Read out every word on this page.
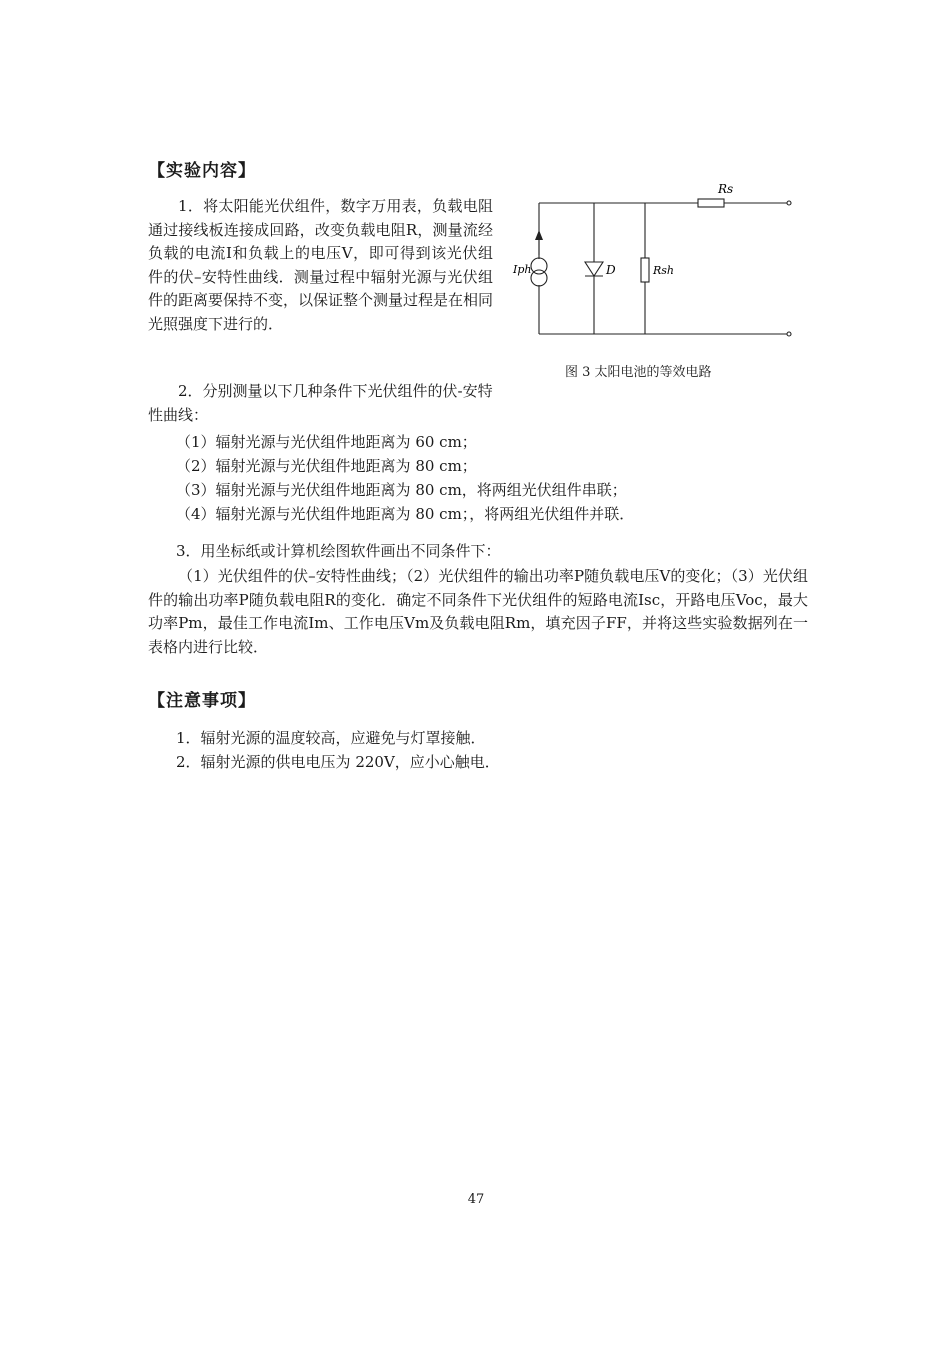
【实验内容】

1．将太阳能光伏组件，数字万用表，负载电阻通过接线板连接成回路，改变负载电阻R，测量流经负载的电流I和负载上的电压V，即可得到该光伏组件的伏–安特性曲线．测量过程中辐射光源与光伏组件的距离要保持不变，以保证整个测量过程是在相同光照强度下进行的．

2．分别测量以下几种条件下光伏组件的伏-安特性曲线：

（1）辐射光源与光伏组件地距离为 60 cm；
（2）辐射光源与光伏组件地距离为 80 cm；
（3）辐射光源与光伏组件地距离为 80 cm，将两组光伏组件串联；
（4）辐射光源与光伏组件地距离为 80 cm；，将两组光伏组件并联．

3．用坐标纸或计算机绘图软件画出不同条件下：

（1）光伏组件的伏–安特性曲线；（2）光伏组件的输出功率P随负载电压V的变化；（3）光伏组件的输出功率P随负载电阻R的变化．确定不同条件下光伏组件的短路电流Isc，开路电压Voc，最大功率Pm，最佳工作电流Im、工作电压Vm及负载电阻Rm，填充因子FF，并将这些实验数据列在一表格内进行比较．

【注意事项】
1．辐射光源的温度较高，应避免与灯罩接触．
2．辐射光源的供电电压为 220V，应小心触电．
Rs
Iph	D	Rsh
图 3 太阳电池的等效电路
47
